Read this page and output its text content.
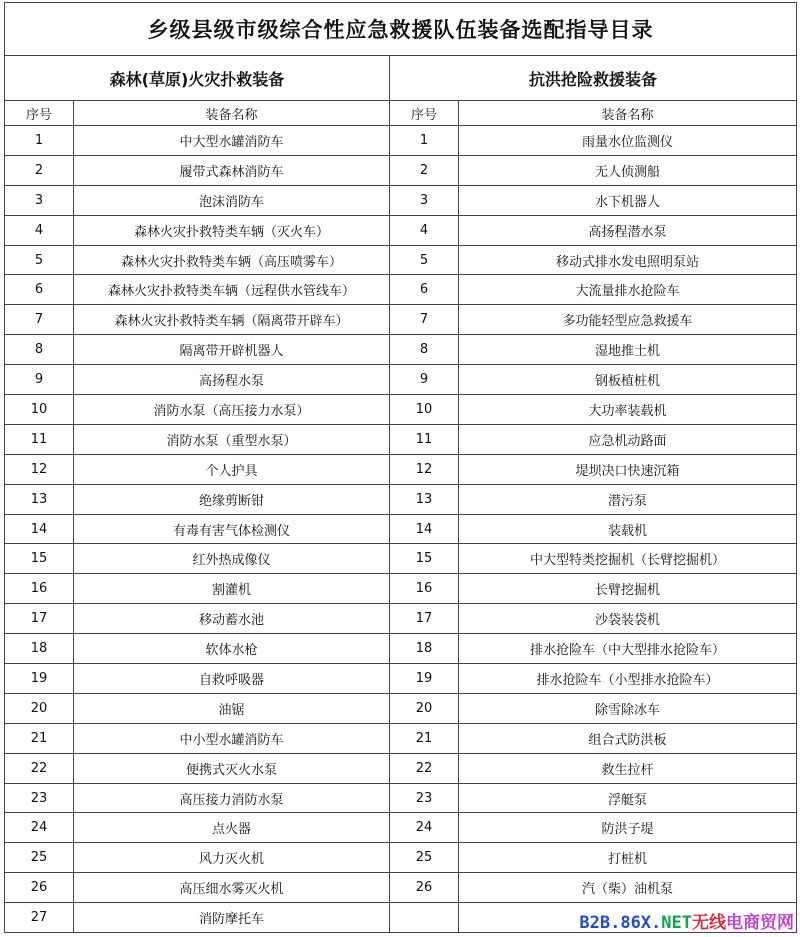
乡级县级市级综合性应急救援队伍装备选配指导目录			
森林(草原)火灾扑救装备		抗洪抢险救援装备	
序号	装备名称	序号	装备名称
1	中大型水罐消防车	1	雨量水位监测仪
2	履带式森林消防车	2	无人侦测船
3	泡沫消防车	3	水下机器人
4	森林火灾扑救特类车辆（灭火车）	4	高扬程潜水泵
5	森林火灾扑救特类车辆（高压喷雾车）	5	移动式排水发电照明泵站
6	森林火灾扑救特类车辆（远程供水管线车）	6	大流量排水抢险车
7	森林火灾扑救特类车辆（隔离带开辟车）	7	多功能轻型应急救援车
8	隔离带开辟机器人	8	湿地推土机
9	高扬程水泵	9	钢板植桩机
10	消防水泵（高压接力水泵）	10	大功率装载机
11	消防水泵（重型水泵）	11	应急机动路面
12	个人护具	12	堤坝决口快速沉箱
13	绝缘剪断钳	13	潜污泵
14	有毒有害气体检测仪	14	装载机
15	红外热成像仪	15	中大型特类挖掘机（长臂挖掘机）
16	割灌机	16	长臂挖掘机
17	移动蓄水池	17	沙袋装袋机
18	软体水枪	18	排水抢险车（中大型排水抢险车）
19	自救呼吸器	19	排水抢险车（小型排水抢险车）
20	油锯	20	除雪除冰车
21	中小型水罐消防车	21	组合式防洪板
22	便携式灭火水泵	22	救生拉杆
23	高压接力消防水泵	23	浮艇泵
24	点火器	24	防洪子堤
25	风力灭火机	25	打桩机
26	高压细水雾灭火机	26	汽（柴）油机泵
27	消防摩托车			B2B.86X.NET无线电商贸网
